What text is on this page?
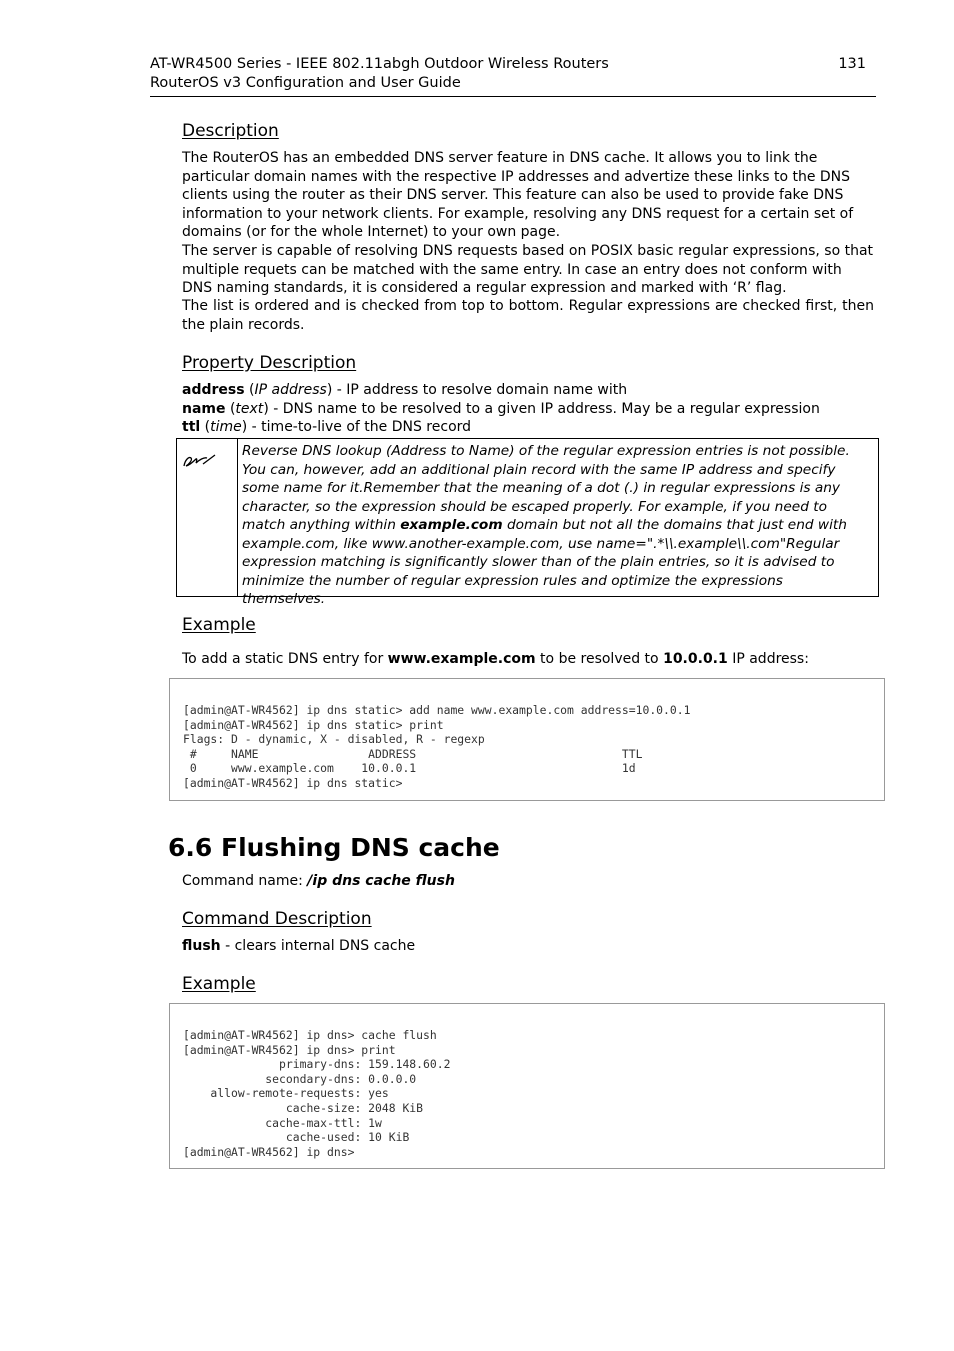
AT-WR4500 Series - IEEE 802.11abgh Outdoor Wireless Routers
RouterOS v3 Configuration and User Guide
131
Description
The RouterOS has an embedded DNS server feature in DNS cache. It allows you to link the particular domain names with the respective IP addresses and advertize these links to the DNS clients using the router as their DNS server. This feature can also be used to provide fake DNS information to your network clients. For example, resolving any DNS request for a certain set of domains (or for the whole Internet) to your own page.
The server is capable of resolving DNS requests based on POSIX basic regular expressions, so that multiple requets can be matched with the same entry. In case an entry does not conform with DNS naming standards, it is considered a regular expression and marked with ‘R’ flag.
The list is ordered and is checked from top to bottom. Regular expressions are checked first, then the plain records.
Property Description
address (IP address) - IP address to resolve domain name with
name (text) - DNS name to be resolved to a given IP address. May be a regular expression
ttl (time) - time-to-live of the DNS record
Reverse DNS lookup (Address to Name) of the regular expression entries is not possible. You can, however, add an additional plain record with the same IP address and specify some name for it.Remember that the meaning of a dot (.) in regular expressions is any character, so the expression should be escaped properly. For example, if you need to match anything within example.com domain but not all the domains that just end with example.com, like www.another-example.com, use name=".*\\.example\\.com"Regular expression matching is significantly slower than of the plain entries, so it is advised to minimize the number of regular expression rules and optimize the expressions themselves.
Example
To add a static DNS entry for www.example.com to be resolved to 10.0.0.1 IP address:
[admin@AT-WR4562] ip dns static> add name www.example.com address=10.0.0.1
[admin@AT-WR4562] ip dns static> print
Flags: D - dynamic, X - disabled, R - regexp
#     NAME                ADDRESS                              TTL
0     www.example.com    10.0.0.1                              1d
[admin@AT-WR4562] ip dns static>
6.6 Flushing DNS cache
Command name: /ip dns cache flush
Command Description
flush - clears internal DNS cache
Example
[admin@AT-WR4562] ip dns> cache flush
[admin@AT-WR4562] ip dns> print
primary-dns: 159.148.60.2
secondary-dns: 0.0.0.0
allow-remote-requests: yes
cache-size: 2048 KiB
cache-max-ttl: 1w
cache-used: 10 KiB
[admin@AT-WR4562] ip dns>
